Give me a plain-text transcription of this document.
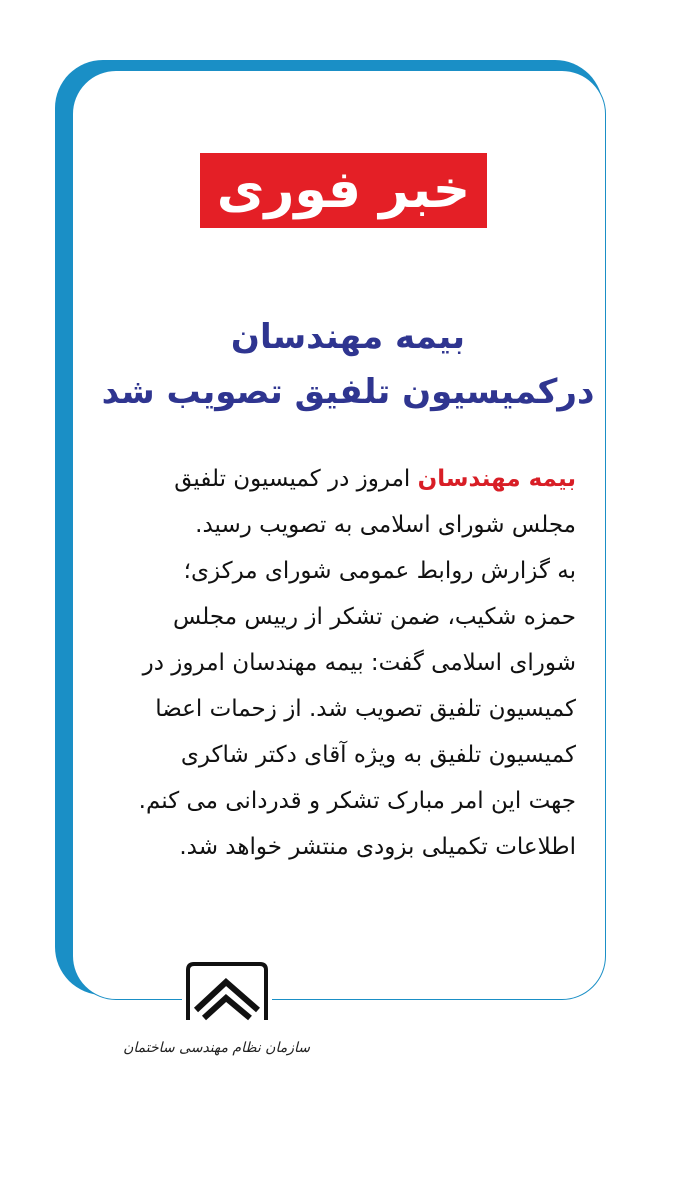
خبر فوری
بیمه مهندسان
درکمیسیون تلفیق تصویب شد
بیمه مهندسان امروز در کمیسیون تلفیق
مجلس شورای اسلامی به تصویب رسید.
به گزارش روابط عمومی شورای مرکزی؛
حمزه شکیب، ضمن تشکر از رییس مجلس
شورای اسلامی گفت: بیمه مهندسان امروز در
کمیسیون تلفیق تصویب شد. از زحمات اعضا
کمیسیون تلفیق به ویژه آقای دکتر شاکری
جهت این امر مبارک تشکر و قدردانی می کنم.
اطلاعات تکمیلی بزودی منتشر خواهد شد.
سازمان نظام مهندسی ساختمان
